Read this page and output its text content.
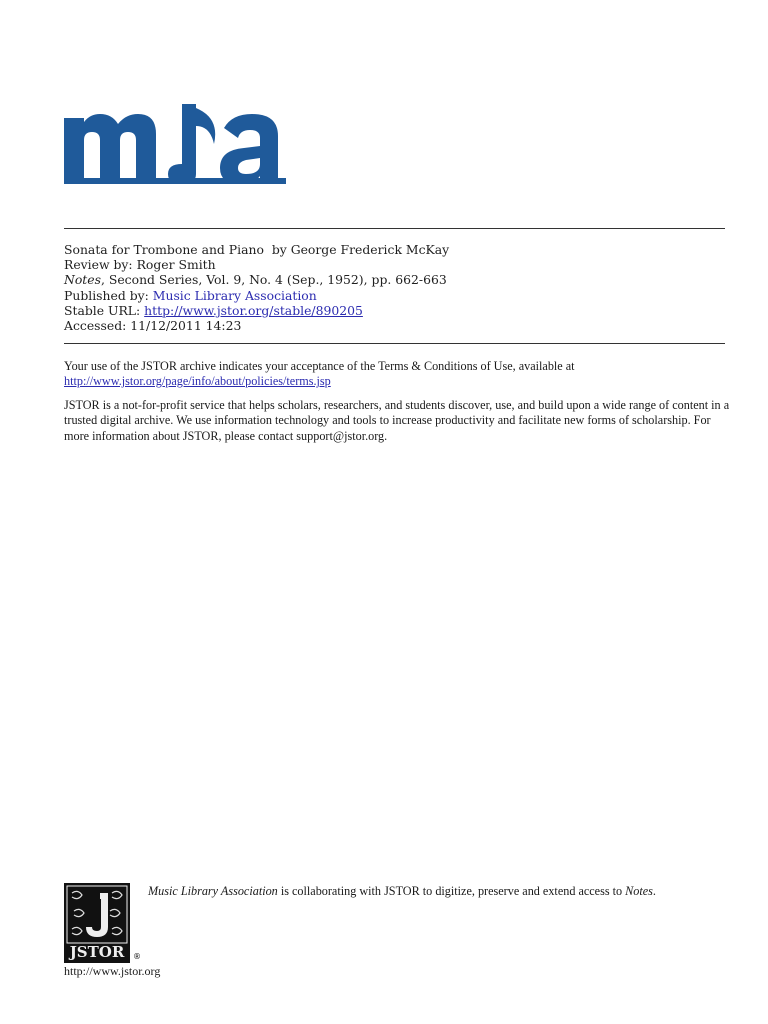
Sonata for Trombone and Piano by George Frederick McKay
Review by: Roger Smith
Notes, Second Series, Vol. 9, No. 4 (Sep., 1952), pp. 662-663
Published by: Music Library Association
Stable URL: http://www.jstor.org/stable/890205
Accessed: 11/12/2011 14:23

Your use of the JSTOR archive indicates your acceptance of the Terms & Conditions of Use, available at
http://www.jstor.org/page/info/about/policies/terms.jsp

JSTOR is a not-for-profit service that helps scholars, researchers, and students discover, use, and build upon a wide range of content in a trusted digital archive. We use information technology and tools to increase productivity and facilitate new forms of scholarship. For more information about JSTOR, please contact support@jstor.org.

JSTOR ®
http://www.jstor.org
Music Library Association is collaborating with JSTOR to digitize, preserve and extend access to Notes.
